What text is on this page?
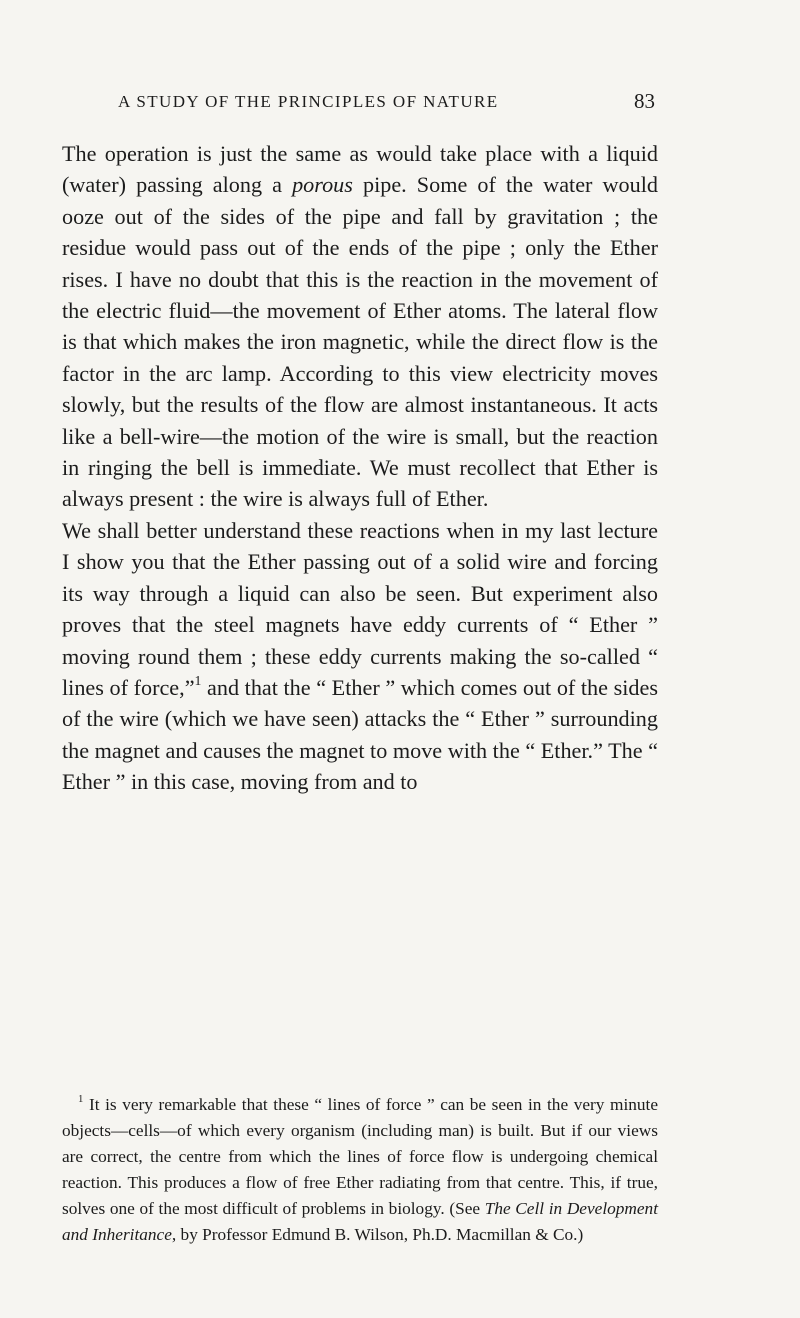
A STUDY OF THE PRINCIPLES OF NATURE	83

The operation is just the same as would take place with a liquid (water) passing along a porous pipe. Some of the water would ooze out of the sides of the pipe and fall by gravitation ; the residue would pass out of the ends of the pipe ; only the Ether rises. I have no doubt that this is the reaction in the movement of the electric fluid—the movement of Ether atoms. The lateral flow is that which makes the iron magnetic, while the direct flow is the factor in the arc lamp. According to this view electricity moves slowly, but the results of the flow are almost instantaneous. It acts like a bell-wire—the motion of the wire is small, but the reaction in ringing the bell is immediate. We must recollect that Ether is always present : the wire is always full of Ether.

We shall better understand these reactions when in my last lecture I show you that the Ether passing out of a solid wire and forcing its way through a liquid can also be seen. But experiment also proves that the steel magnets have eddy currents of “ Ether ” moving round them ; these eddy currents making the so-called “ lines of force,”$^1$ and that the “ Ether ” which comes out of the sides of the wire (which we have seen) attacks the “ Ether ” surrounding the magnet and causes the magnet to move with the “ Ether.” The “ Ether ” in this case, moving from and to

$^1$ It is very remarkable that these “ lines of force ” can be seen in the very minute objects—cells—of which every organism (including man) is built. But if our views are correct, the centre from which the lines of force flow is undergoing chemical reaction. This produces a flow of free Ether radiating from that centre. This, if true, solves one of the most difficult of problems in biology. (See The Cell in Development and Inheritance, by Professor Edmund B. Wilson, Ph.D. Macmillan & Co.)
